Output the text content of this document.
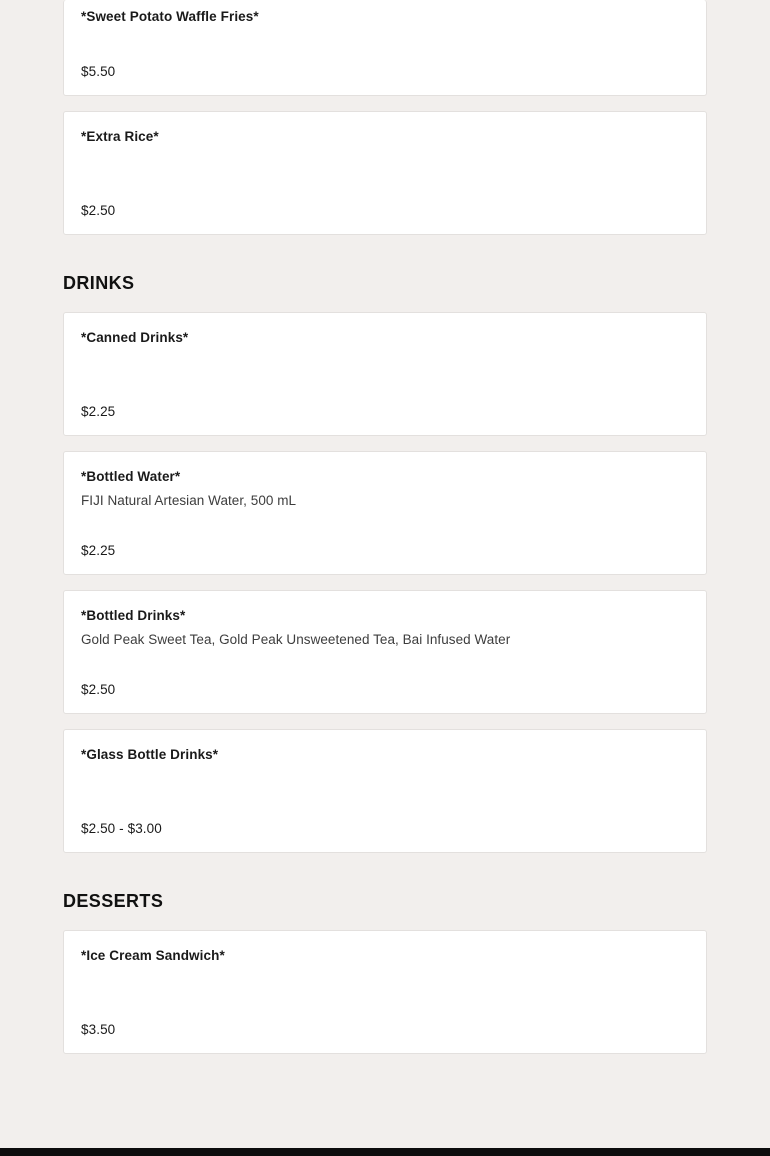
*Sweet Potato Waffle Fries*
$5.50
*Extra Rice*
$2.50
DRINKS
*Canned Drinks*
$2.25
*Bottled Water*
FIJI Natural Artesian Water, 500 mL
$2.25
*Bottled Drinks*
Gold Peak Sweet Tea, Gold Peak Unsweetened Tea, Bai Infused Water
$2.50
*Glass Bottle Drinks*
$2.50 - $3.00
DESSERTS
*Ice Cream Sandwich*
$3.50
